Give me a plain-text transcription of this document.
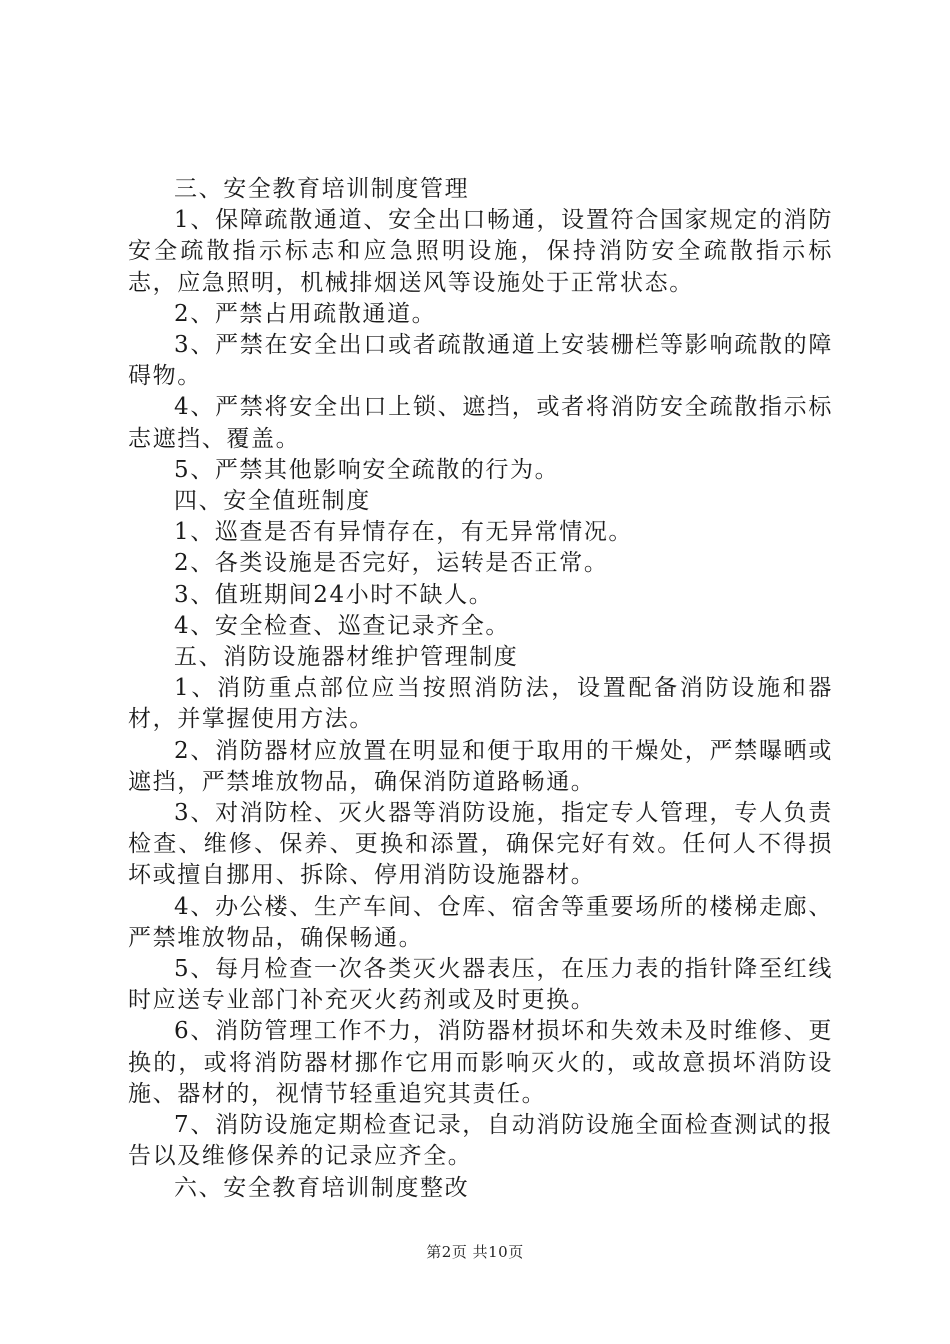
三、安全教育培训制度管理

1、保障疏散通道、安全出口畅通，设置符合国家规定的消防安全疏散指示标志和应急照明设施，保持消防安全疏散指示标志，应急照明，机械排烟送风等设施处于正常状态。

2、严禁占用疏散通道。

3、严禁在安全出口或者疏散通道上安装栅栏等影响疏散的障碍物。

4、严禁将安全出口上锁、遮挡，或者将消防安全疏散指示标志遮挡、覆盖。

5、严禁其他影响安全疏散的行为。

四、安全值班制度

1、巡查是否有异情存在，有无异常情况。

2、各类设施是否完好，运转是否正常。

3、值班期间24小时不缺人。

4、安全检查、巡查记录齐全。

五、消防设施器材维护管理制度

1、消防重点部位应当按照消防法，设置配备消防设施和器材，并掌握使用方法。

2、消防器材应放置在明显和便于取用的干燥处，严禁曝晒或遮挡，严禁堆放物品，确保消防道路畅通。

3、对消防栓、灭火器等消防设施，指定专人管理，专人负责检查、维修、保养、更换和添置，确保完好有效。任何人不得损坏或擅自挪用、拆除、停用消防设施器材。

4、办公楼、生产车间、仓库、宿舍等重要场所的楼梯走廊、严禁堆放物品，确保畅通。

5、每月检查一次各类灭火器表压，在压力表的指针降至红线时应送专业部门补充灭火药剂或及时更换。

6、消防管理工作不力，消防器材损坏和失效未及时维修、更换的，或将消防器材挪作它用而影响灭火的，或故意损坏消防设施、器材的，视情节轻重追究其责任。

7、消防设施定期检查记录，自动消防设施全面检查测试的报告以及维修保养的记录应齐全。

六、安全教育培训制度整改

第2页 共10页
